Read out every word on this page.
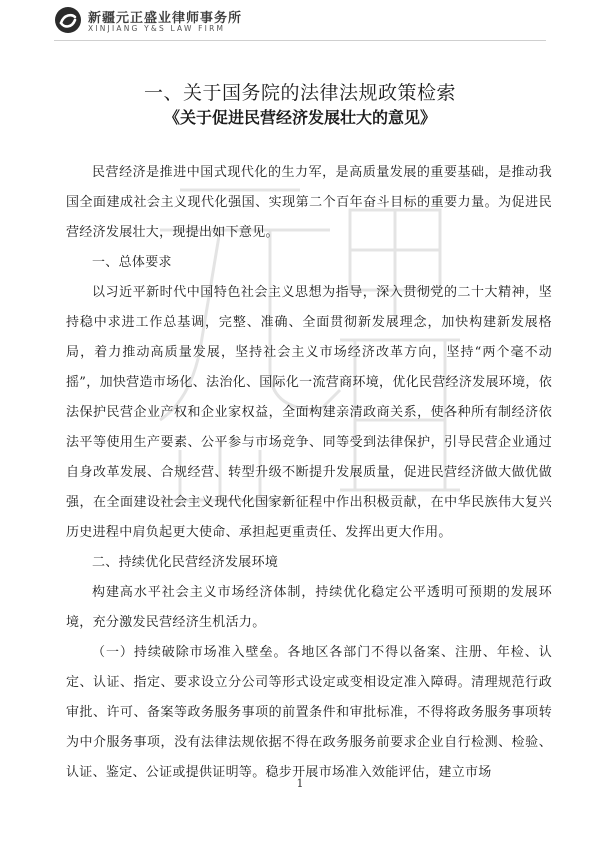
新疆元正盛业律师事务所
XINJIANG Y&S LAW FIRM
一、关于国务院的法律法规政策检索
《关于促进民营经济发展壮大的意见》

民营经济是推进中国式现代化的生力军，是高质量发展的重要基础，是推动我国全面建成社会主义现代化强国、实现第二个百年奋斗目标的重要力量。为促进民营经济发展壮大，现提出如下意见。

一、总体要求

以习近平新时代中国特色社会主义思想为指导，深入贯彻党的二十大精神，坚持稳中求进工作总基调，完整、准确、全面贯彻新发展理念，加快构建新发展格局，着力推动高质量发展，坚持社会主义市场经济改革方向，坚持“两个毫不动摇”，加快营造市场化、法治化、国际化一流营商环境，优化民营经济发展环境，依法保护民营企业产权和企业家权益，全面构建亲清政商关系，使各种所有制经济依法平等使用生产要素、公平参与市场竞争、同等受到法律保护，引导民营企业通过自身改革发展、合规经营、转型升级不断提升发展质量，促进民营经济做大做优做强，在全面建设社会主义现代化国家新征程中作出积极贡献，在中华民族伟大复兴历史进程中肩负起更大使命、承担起更重责任、发挥出更大作用。

二、持续优化民营经济发展环境

构建高水平社会主义市场经济体制，持续优化稳定公平透明可预期的发展环境，充分激发民营经济生机活力。

（一）持续破除市场准入壁垒。各地区各部门不得以备案、注册、年检、认定、认证、指定、要求设立分公司等形式设定或变相设定准入障碍。清理规范行政审批、许可、备案等政务服务事项的前置条件和审批标准，不得将政务服务事项转为中介服务事项，没有法律法规依据不得在政务服务前要求企业自行检测、检验、认证、鉴定、公证或提供证明等。稳步开展市场准入效能评估，建立市场

1
